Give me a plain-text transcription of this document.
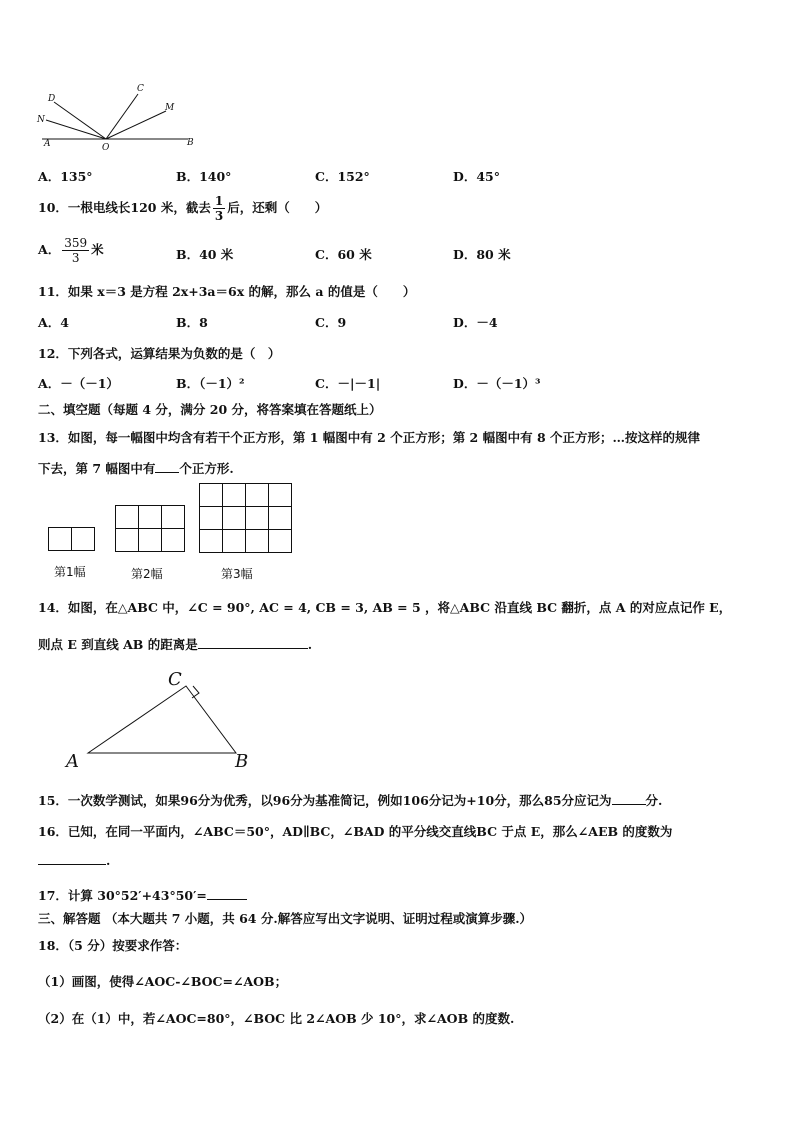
D
N
A
C
M
O	B
A．135°	B．140°	C．152°	D．45°
10．一根电线长120 米，截去 $\frac{1}{3}$ 后，还剩（　　）
A． $\frac{359}{3}$ 米	B．40 米	C．60 米	D．80 米
11．如果 x＝3 是方程 2x+3a＝6x 的解，那么 a 的值是（　　）
A．4	B．8	C．9	D．－4
12．下列各式，运算结果为负数的是（　）
A．－（－1）	B．（－1）²	C．－|－1|	D．－（－1）³
二、填空题（每题 4 分，满分 20 分，将答案填在答题纸上）
13．如图，每一幅图中均含有若干个正方形，第 1 幅图中有 2 个正方形；第 2 幅图中有 8 个正方形；…按这样的规律
下去，第 7 幅图中有 个正方形.
第1幅	第2幅	第3幅
14．如图，在△ABC 中，∠C = 90°, AC = 4, CB = 3, AB = 5 ，将△ABC 沿直线 BC 翻折，点 A 的对应点记作 E，
则点 E 到直线 AB 的距离是	.
C
A	B
15．一次数学测试，如果96分为优秀，以96分为基准简记，例如106分记为+10分，那么85分应记为	分.
16．已知，在同一平面内，∠ABC＝50°，AD∥BC，∠BAD 的平分线交直线BC 于点 E，那么∠AEB 的度数为
.
17．计算 30°52′+43°50′=
三、解答题 （本大题共 7 小题，共 64 分.解答应写出文字说明、证明过程或演算步骤.）
18．（5 分）按要求作答：
（1）画图，使得∠AOC-∠BOC=∠AOB；
（2）在（1）中，若∠AOC=80°，∠BOC 比 2∠AOB 少 10°，求∠AOB 的度数.
